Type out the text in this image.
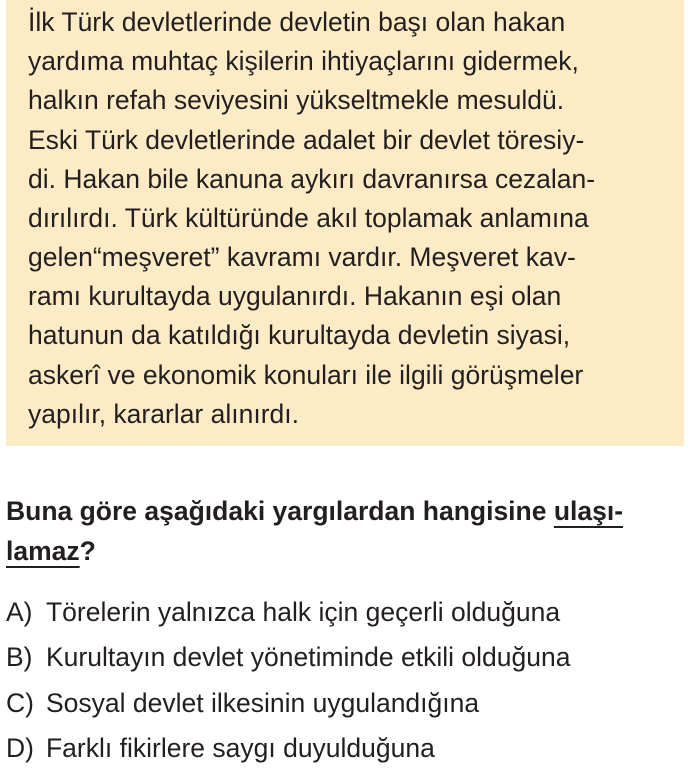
İlk Türk devletlerinde devletin başı olan hakan
yardıma muhtaç kişilerin ihtiyaçlarını gidermek,
halkın refah seviyesini yükseltmekle mesuldü.
Eski Türk devletlerinde adalet bir devlet töresiy-
di. Hakan bile kanuna aykırı davranırsa cezalan-
dırılırdı. Türk kültüründe akıl toplamak anlamına
gelen“meşveret” kavramı vardır. Meşveret kav-
ramı kurultayda uygulanırdı. Hakanın eşi olan
hatunun da katıldığı kurultayda devletin siyasi,
askerî ve ekonomik konuları ile ilgili görüşmeler
yapılır, kararlar alınırdı.
Buna göre aşağıdaki yargılardan hangisine ulaşı-
lamaz?
A) Törelerin yalnızca halk için geçerli olduğuna
B) Kurultayın devlet yönetiminde etkili olduğuna
C) Sosyal devlet ilkesinin uygulandığına
D) Farklı fikirlere saygı duyulduğuna
